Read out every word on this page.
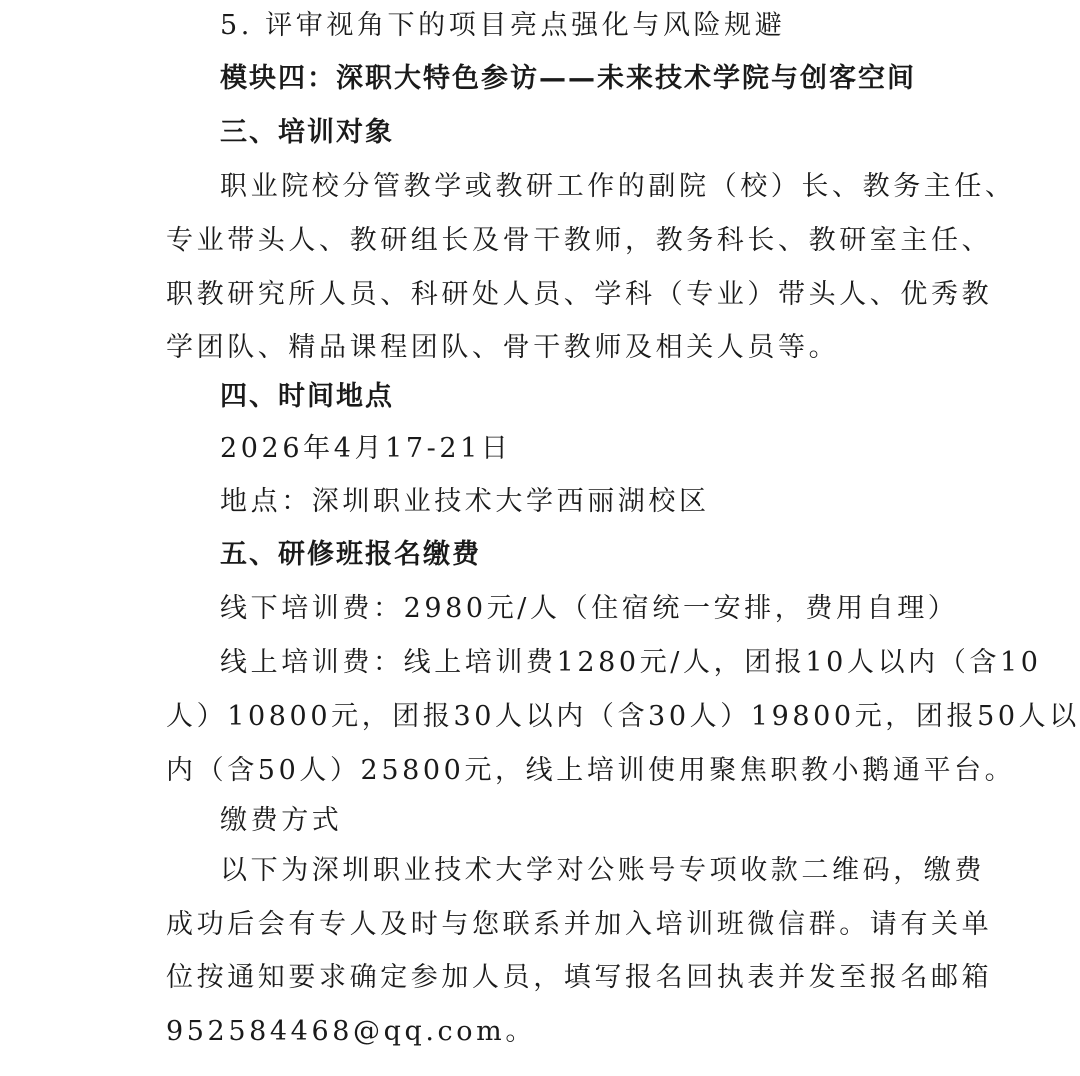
5. 评审视角下的项目亮点强化与风险规避
模块四：深职大特色参访——未来技术学院与创客空间
三、培训对象
职业院校分管教学或教研工作的副院（校）长、教务主任、
专业带头人、教研组长及骨干教师，教务科长、教研室主任、
职教研究所人员、科研处人员、学科（专业）带头人、优秀教
学团队、精品课程团队、骨干教师及相关人员等。
四、时间地点
2026年4月17-21日
地点：深圳职业技术大学西丽湖校区
五、研修班报名缴费
线下培训费：2980元/人（住宿统一安排，费用自理）
线上培训费：线上培训费1280元/人，团报10人以内（含10
人）10800元，团报30人以内（含30人）19800元，团报50人以
内（含50人）25800元，线上培训使用聚焦职教小鹅通平台。
缴费方式
以下为深圳职业技术大学对公账号专项收款二维码，缴费
成功后会有专人及时与您联系并加入培训班微信群。请有关单
位按通知要求确定参加人员，填写报名回执表并发至报名邮箱
952584468@qq.com。
